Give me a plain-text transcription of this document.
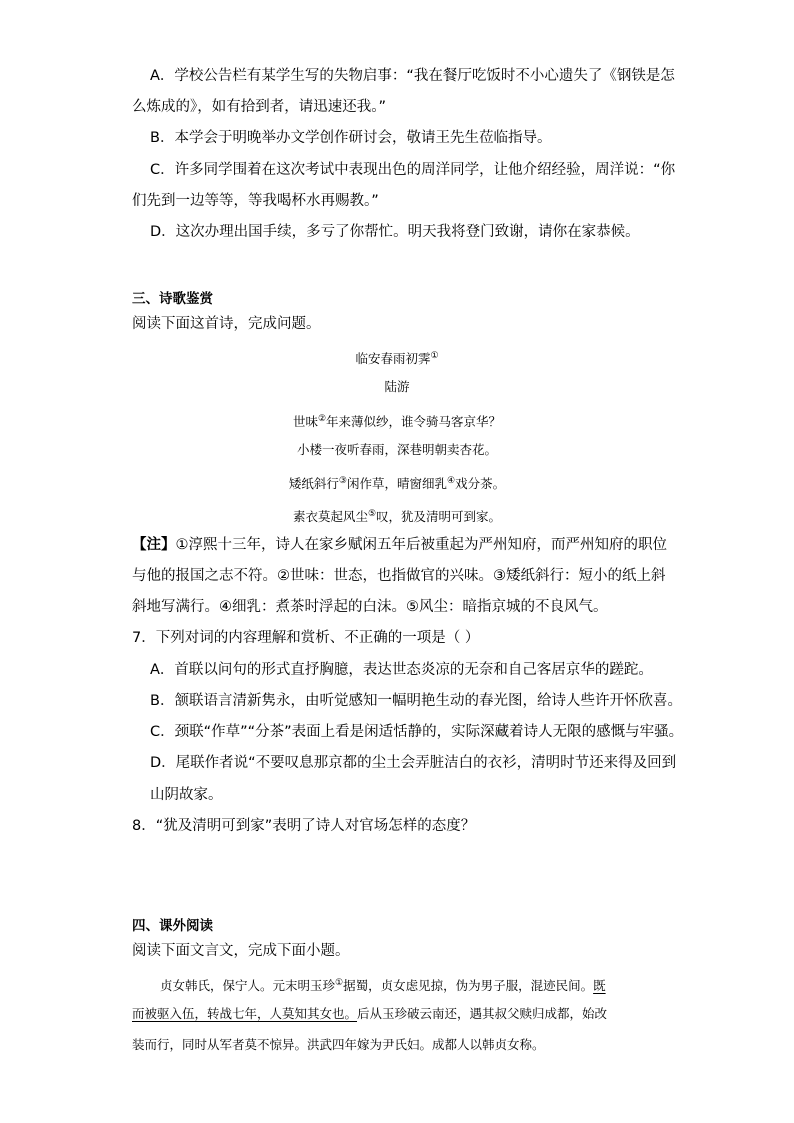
A．学校公告栏有某学生写的失物启事：“我在餐厅吃饭时不小心遗失了《钢铁是怎
么炼成的》，如有拾到者，请迅速还我。”
B．本学会于明晚举办文学创作研讨会，敬请王先生莅临指导。
C．许多同学围着在这次考试中表现出色的周洋同学，让他介绍经验，周洋说：“你
们先到一边等等，等我喝杯水再赐教。”
D．这次办理出国手续，多亏了你帮忙。明天我将登门致谢，请你在家恭候。
三、诗歌鉴赏
阅读下面这首诗，完成问题。
临安春雨初霁①
陆游
世味②年来薄似纱，谁令骑马客京华？
小楼一夜听春雨，深巷明朝卖杏花。
矮纸斜行③闲作草，晴窗细乳④戏分茶。
素衣莫起风尘⑤叹，犹及清明可到家。
【注】①淳熙十三年，诗人在家乡赋闲五年后被重起为严州知府，而严州知府的职位
与他的报国之志不符。②世味：世态，也指做官的兴味。③矮纸斜行：短小的纸上斜
斜地写满行。④细乳：煮茶时浮起的白沫。⑤风尘：暗指京城的不良风气。
7．下列对词的内容理解和赏析、不正确的一项是（ ）
A．首联以问句的形式直抒胸臆，表达世态炎凉的无奈和自己客居京华的蹉跎。
B．颔联语言清新隽永，由听觉感知一幅明艳生动的春光图，给诗人些许开怀欣喜。
C．颈联“作草”“分茶”表面上看是闲适恬静的，实际深藏着诗人无限的感慨与牢骚。
D．尾联作者说“不要叹息那京都的尘土会弄脏洁白的衣衫，清明时节还来得及回到
山阴故家。
8．“犹及清明可到家”表明了诗人对官场怎样的态度？
四、课外阅读
阅读下面文言文，完成下面小题。
贞女韩氏，保宁人。元末明玉珍①据蜀，贞女虑见掠，伪为男子服，混迹民间。既
而被驱入伍，转战七年，人莫知其女也。后从玉珍破云南还，遇其叔父赎归成都，始改
装而行，同时从军者莫不惊异。洪武四年嫁为尹氏妇。成都人以韩贞女称。
